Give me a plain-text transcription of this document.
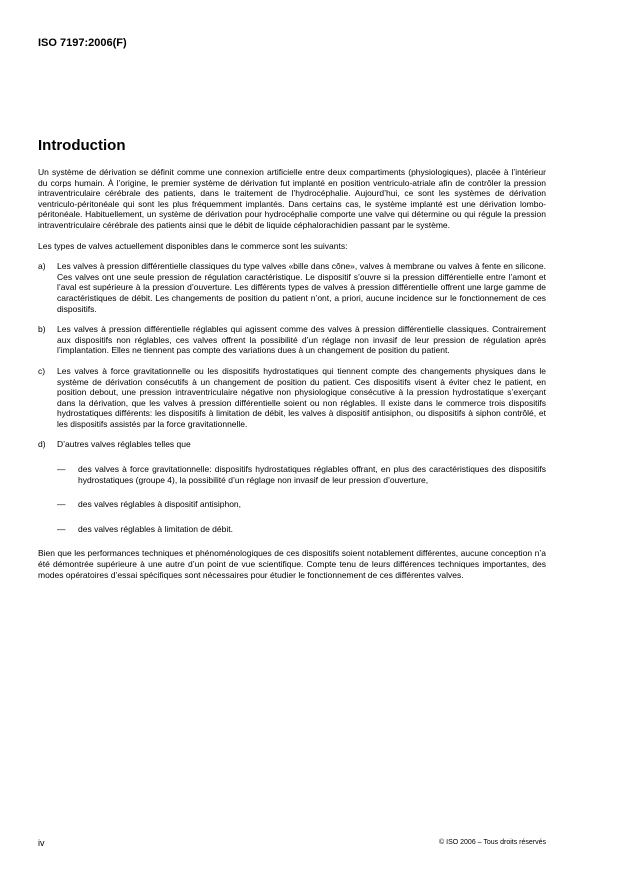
ISO 7197:2006(F)
Introduction

Un système de dérivation se définit comme une connexion artificielle entre deux compartiments (physiologiques), placée à l’intérieur du corps humain. À l’origine, le premier système de dérivation fut implanté en position ventriculo-atriale afin de contrôler la pression intraventriculaire cérébrale des patients, dans le traitement de l’hydrocéphalie. Aujourd’hui, ce sont les systèmes de dérivation ventriculo-péritonéale qui sont les plus fréquemment implantés. Dans certains cas, le système implanté est une dérivation lombo-péritonéale. Habituellement, un système de dérivation pour hydrocéphalie comporte une valve qui détermine ou qui régule la pression intraventriculaire cérébrale des patients ainsi que le débit de liquide céphalorachidien passant par le système.

Les types de valves actuellement disponibles dans le commerce sont les suivants:

a)	Les valves à pression différentielle classiques du type valves «bille dans cône», valves à membrane ou valves à fente en silicone. Ces valves ont une seule pression de régulation caractéristique. Le dispositif s’ouvre si la pression différentielle entre l’amont et l’aval est supérieure à la pression d’ouverture. Les différents types de valves à pression différentielle offrent une large gamme de caractéristiques de débit. Les changements de position du patient n’ont, a priori, aucune incidence sur le fonctionnement de ces dispositifs.
b)	Les valves à pression différentielle réglables qui agissent comme des valves à pression différentielle classiques. Contrairement aux dispositifs non réglables, ces valves offrent la possibilité d’un réglage non invasif de leur pression de régulation après l’implantation. Elles ne tiennent pas compte des variations dues à un changement de position du patient.
c)	Les valves à force gravitationnelle ou les dispositifs hydrostatiques qui tiennent compte des changements physiques dans le système de dérivation consécutifs à un changement de position du patient. Ces dispositifs visent à éviter chez le patient, en position debout, une pression intraventriculaire négative non physiologique consécutive à la pression hydrostatique s’exerçant dans la dérivation, que les valves à pression différentielle soient ou non réglables. Il existe dans le commerce trois dispositifs hydrostatiques différents: les dispositifs à limitation de débit, les valves à dispositif antisiphon, ou dispositifs à siphon contrôlé, et les dispositifs assistés par la force gravitationnelle.
d)	D’autres valves réglables telles que
—	des valves à force gravitationnelle: dispositifs hydrostatiques réglables offrant, en plus des caractéristiques des dispositifs hydrostatiques (groupe 4), la possibilité d’un réglage non invasif de leur pression d’ouverture,
—	des valves réglables à dispositif antisiphon,
—	des valves réglables à limitation de débit.

Bien que les performances techniques et phénoménologiques de ces dispositifs soient notablement différentes, aucune conception n’a été démontrée supérieure à une autre d’un point de vue scientifique. Compte tenu de leurs différences techniques importantes, des modes opératoires d’essai spécifiques sont nécessaires pour étudier le fonctionnement de ces différentes valves.

iv	© ISO 2006 – Tous droits réservés
